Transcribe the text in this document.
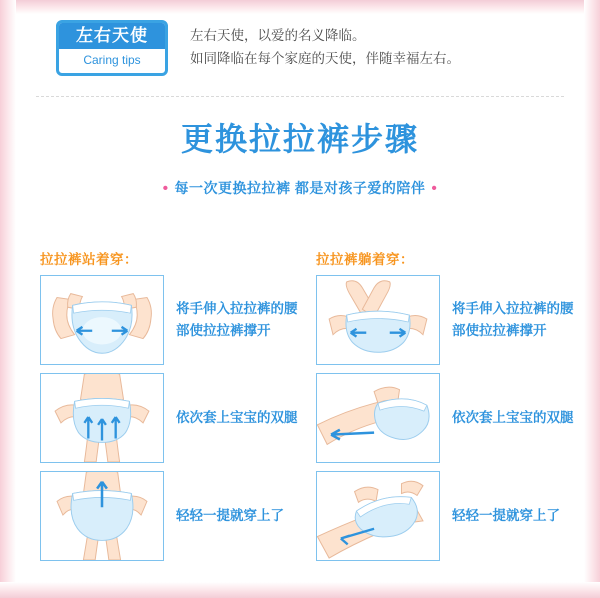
左右天使
Caring tips
左右天使，以爱的名义降临。
如同降临在每个家庭的天使，伴随幸福左右。
更换拉拉裤步骤
• 每一次更换拉拉裤 都是对孩子爱的陪伴 •
拉拉裤站着穿：
将手伸入拉拉裤的腰部使拉拉裤撑开
依次套上宝宝的双腿
轻轻一提就穿上了
拉拉裤躺着穿：
将手伸入拉拉裤的腰部使拉拉裤撑开
依次套上宝宝的双腿
轻轻一提就穿上了
